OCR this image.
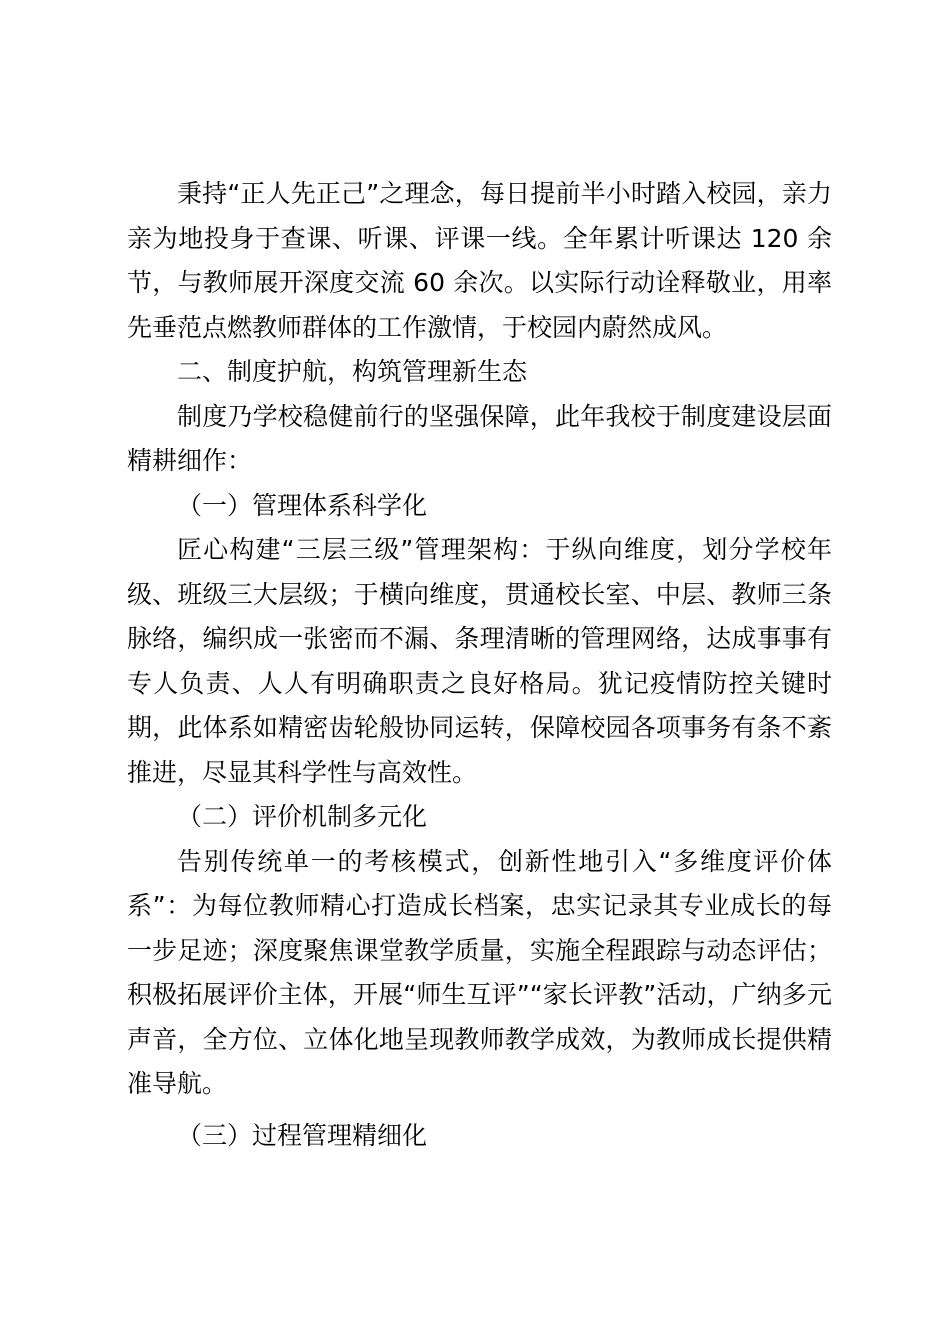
秉持“正人先正己”之理念，每日提前半小时踏入校园，亲力亲为地投身于查课、听课、评课一线。全年累计听课达 120 余节，与教师展开深度交流 60 余次。以实际行动诠释敬业，用率先垂范点燃教师群体的工作激情，于校园内蔚然成风。

二、制度护航，构筑管理新生态

制度乃学校稳健前行的坚强保障，此年我校于制度建设层面精耕细作：

（一）管理体系科学化

匠心构建“三层三级”管理架构：于纵向维度，划分学校年级、班级三大层级；于横向维度，贯通校长室、中层、教师三条脉络，编织成一张密而不漏、条理清晰的管理网络，达成事事有专人负责、人人有明确职责之良好格局。犹记疫情防控关键时期，此体系如精密齿轮般协同运转，保障校园各项事务有条不紊推进，尽显其科学性与高效性。

（二）评价机制多元化

告别传统单一的考核模式，创新性地引入“多维度评价体系”：为每位教师精心打造成长档案，忠实记录其专业成长的每一步足迹；深度聚焦课堂教学质量，实施全程跟踪与动态评估；积极拓展评价主体，开展“师生互评”“家长评教”活动，广纳多元声音，全方位、立体化地呈现教师教学成效，为教师成长提供精准导航。

（三）过程管理精细化
